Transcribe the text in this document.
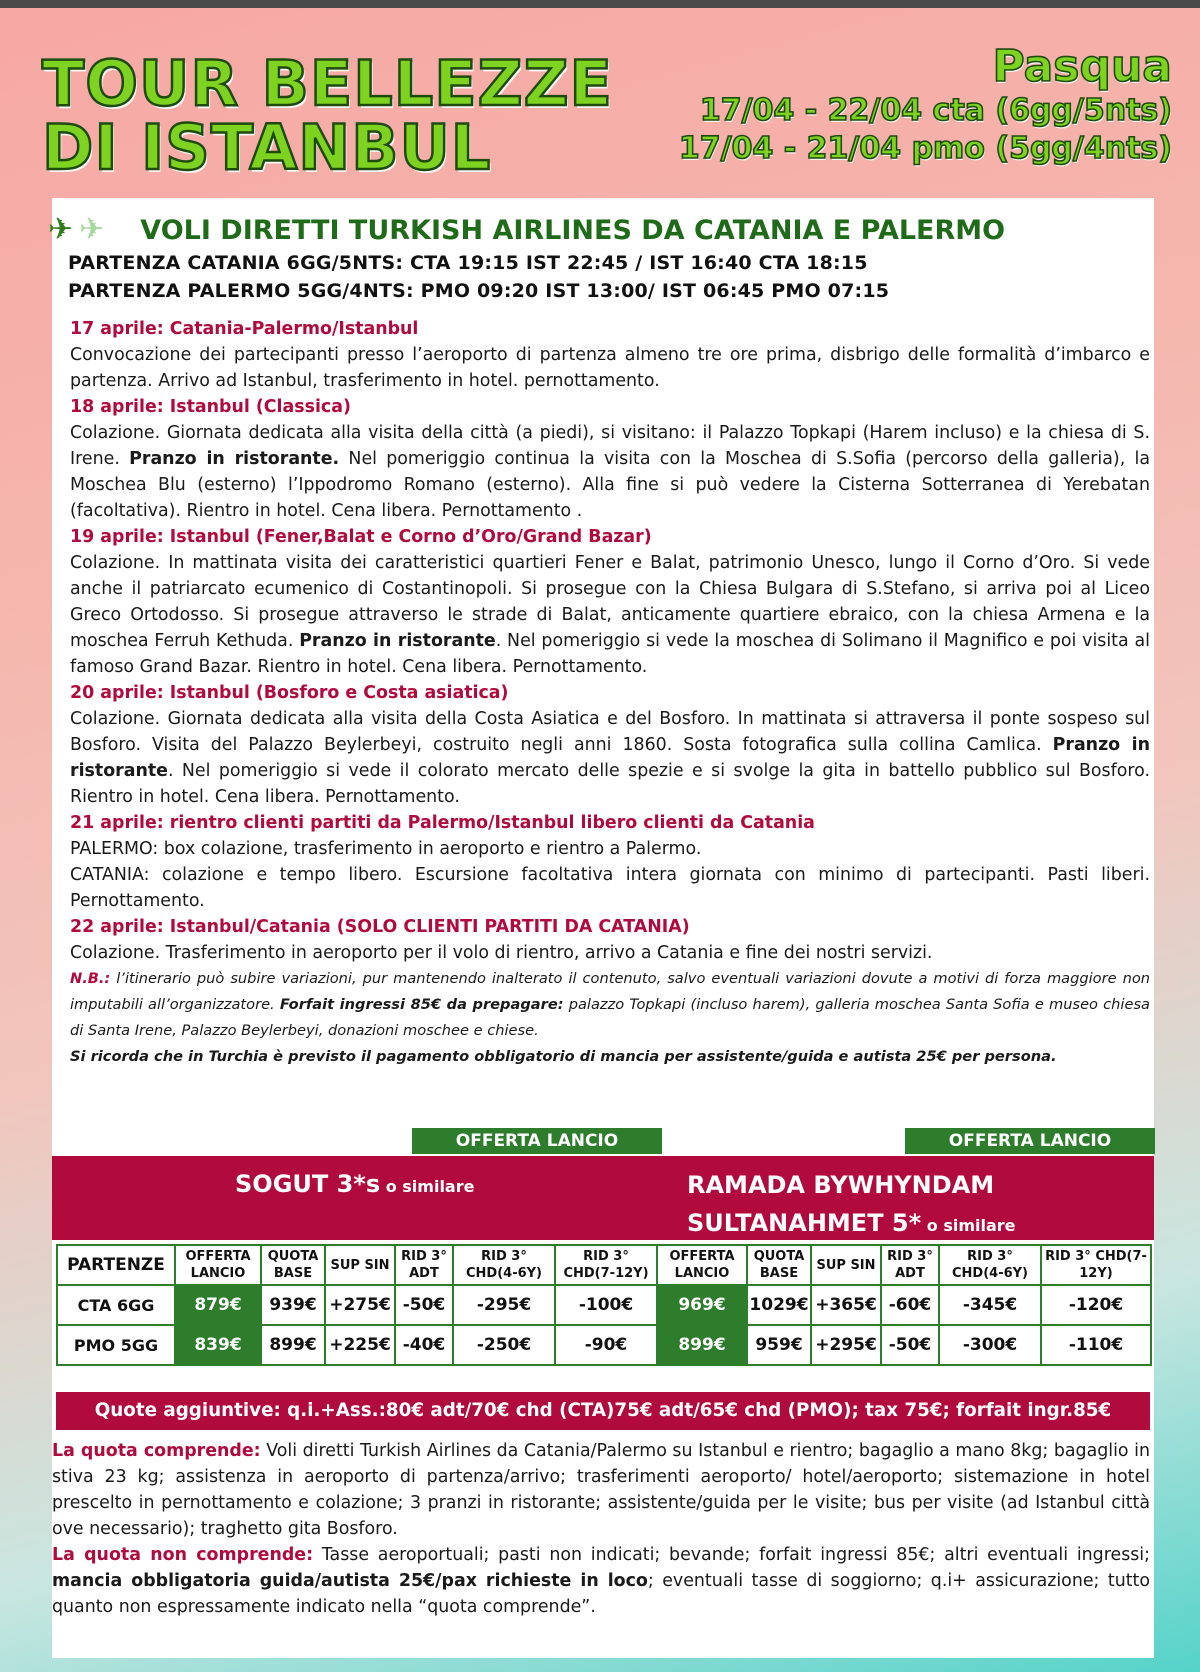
TOUR BELLEZZE
DI ISTANBUL
Pasqua
17/04 - 22/04 cta (6gg/5nts)
17/04 - 21/04 pmo (5gg/4nts)
✈ ✈ VOLI DIRETTI TURKISH AIRLINES DA CATANIA E PALERMO
PARTENZA CATANIA 6GG/5NTS: CTA 19:15 IST 22:45 / IST 16:40 CTA 18:15
PARTENZA PALERMO 5GG/4NTS: PMO 09:20 IST 13:00/ IST 06:45 PMO 07:15

17 aprile: Catania-Palermo/Istanbul

Convocazione dei partecipanti presso l’aeroporto di partenza almeno tre ore prima, disbrigo delle formalità d’imbarco e partenza. Arrivo ad Istanbul, trasferimento in hotel. pernottamento.

18 aprile: Istanbul (Classica)

Colazione. Giornata dedicata alla visita della città (a piedi), si visitano: il Palazzo Topkapi (Harem incluso) e la chiesa di S. Irene. Pranzo in ristorante. Nel pomeriggio continua la visita con la Moschea di S.Sofia (percorso della galleria), la Moschea Blu (esterno) l’Ippodromo Romano (esterno). Alla fine si può vedere la Cisterna Sotterranea di Yerebatan (facoltativa). Rientro in hotel. Cena libera. Pernottamento .

19 aprile: Istanbul (Fener,Balat e Corno d’Oro/Grand Bazar)

Colazione. In mattinata visita dei caratteristici quartieri Fener e Balat, patrimonio Unesco, lungo il Corno d’Oro. Si vede anche il patriarcato ecumenico di Costantinopoli. Si prosegue con la Chiesa Bulgara di S.Stefano, si arriva poi al Liceo Greco Ortodosso. Si prosegue attraverso le strade di Balat, anticamente quartiere ebraico, con la chiesa Armena e la moschea Ferruh Kethuda. Pranzo in ristorante. Nel pomeriggio si vede la moschea di Solimano il Magnifico e poi visita al famoso Grand Bazar. Rientro in hotel. Cena libera. Pernottamento.

20 aprile: Istanbul (Bosforo e Costa asiatica)

Colazione. Giornata dedicata alla visita della Costa Asiatica e del Bosforo. In mattinata si attraversa il ponte sospeso sul Bosforo. Visita del Palazzo Beylerbeyi, costruito negli anni 1860. Sosta fotografica sulla collina Camlica. Pranzo in ristorante. Nel pomeriggio si vede il colorato mercato delle spezie e si svolge la gita in battello pubblico sul Bosforo. Rientro in hotel. Cena libera. Pernottamento.

21 aprile: rientro clienti partiti da Palermo/Istanbul libero clienti da Catania

PALERMO: box colazione, trasferimento in aeroporto e rientro a Palermo.

CATANIA: colazione e tempo libero. Escursione facoltativa intera giornata con minimo di partecipanti. Pasti liberi. Pernottamento.

22 aprile: Istanbul/Catania (SOLO CLIENTI PARTITI DA CATANIA)

Colazione. Trasferimento in aeroporto per il volo di rientro, arrivo a Catania e fine dei nostri servizi.

N.B.: l’itinerario può subire variazioni, pur mantenendo inalterato il contenuto, salvo eventuali variazioni dovute a motivi di forza maggiore non imputabili all’organizzatore. Forfait ingressi 85€ da prepagare: palazzo Topkapi (incluso harem), galleria moschea Santa Sofia e museo chiesa di Santa Irene, Palazzo Beylerbeyi, donazioni moschee e chiese.

Si ricorda che in Turchia è previsto il pagamento obbligatorio di mancia per assistente/guida e autista 25€ per persona.

OFFERTA LANCIO	OFFERTA LANCIO
SOGUT 3*s o similare	RAMADA BYWHYNDAM
SULTANAHMET 5* o similare
PARTENZE	OFFERTA LANCIO	QUOTA BASE	SUP SIN	RID 3° ADT	RID 3° CHD(4-6Y)	RID 3° CHD(7-12Y)	OFFERTA LANCIO	QUOTA BASE	SUP SIN	RID 3° ADT	RID 3° CHD(4-6Y)	RID 3° CHD(7-12Y)
CTA 6GG	879€	939€	+275€	-50€	-295€	-100€	969€	1029€	+365€	-60€	-345€	-120€
PMO 5GG	839€	899€	+225€	-40€	-250€	-90€	899€	959€	+295€	-50€	-300€	-110€
Quote aggiuntive: q.i.+Ass.:80€ adt/70€ chd (CTA)75€ adt/65€ chd (PMO); tax 75€; forfait ingr.85€

La quota comprende: Voli diretti Turkish Airlines da Catania/Palermo su Istanbul e rientro; bagaglio a mano 8kg; bagaglio in stiva 23 kg; assistenza in aeroporto di partenza/arrivo; trasferimenti aeroporto/ hotel/aeroporto; sistemazione in hotel prescelto in pernottamento e colazione; 3 pranzi in ristorante; assistente/guida per le visite; bus per visite (ad Istanbul città ove necessario); traghetto gita Bosforo.

La quota non comprende: Tasse aeroportuali; pasti non indicati; bevande; forfait ingressi 85€; altri eventuali ingressi; mancia obbligatoria guida/autista 25€/pax richieste in loco; eventuali tasse di soggiorno; q.i+ assicurazione; tutto quanto non espressamente indicato nella “quota comprende”.
